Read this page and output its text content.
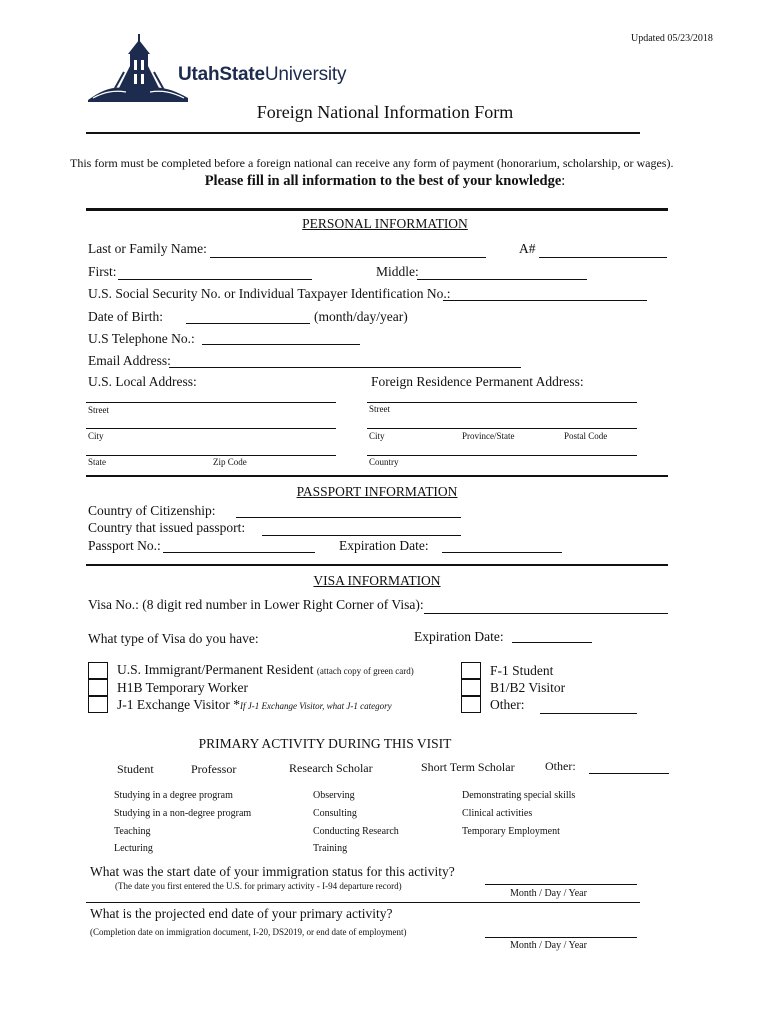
Updated 05/23/2018
UtahStateUniversity
Foreign National Information Form
This form must be completed before a foreign national can receive any form of payment (honorarium, scholarship, or wages).
Please fill in all information to the best of your knowledge:
PERSONAL INFORMATION
Last or Family Name:	A#
First:	Middle:
U.S. Social Security No. or Individual Taxpayer Identification No.:
Date of Birth:	(month/day/year)
U.S Telephone No.:
Email Address:
U.S. Local Address:	Foreign Residence Permanent Address:
Street	Street
City	City	Province/State	Postal Code
State	Zip Code	Country
PASSPORT INFORMATION
Country of Citizenship:
Country that issued passport:
Passport No.:	Expiration Date:
VISA INFORMATION
Visa No.: (8 digit red number in Lower Right Corner of Visa):
What type of Visa do you have:	Expiration Date:
U.S. Immigrant/Permanent Resident (attach copy of green card)
H1B Temporary Worker
J-1 Exchange Visitor *If J-1 Exchange Visitor, what J-1 category
F-1 Student
B1/B2 Visitor
Other:
PRIMARY ACTIVITY DURING THIS VISIT
Student	Professor	Research Scholar	Short Term Scholar	Other:
Studying in a degree program
Studying in a non-degree program
Teaching
Lecturing
Observing
Consulting
Conducting Research
Training
Demonstrating special skills
Clinical activities
Temporary Employment
What was the start date of your immigration status for this activity?
(The date you first entered the U.S. for primary activity - I-94 departure record)
Month / Day / Year
What is the projected end date of your primary activity?
(Completion date on immigration document, I-20, DS2019, or end date of employment)
Month / Day / Year
